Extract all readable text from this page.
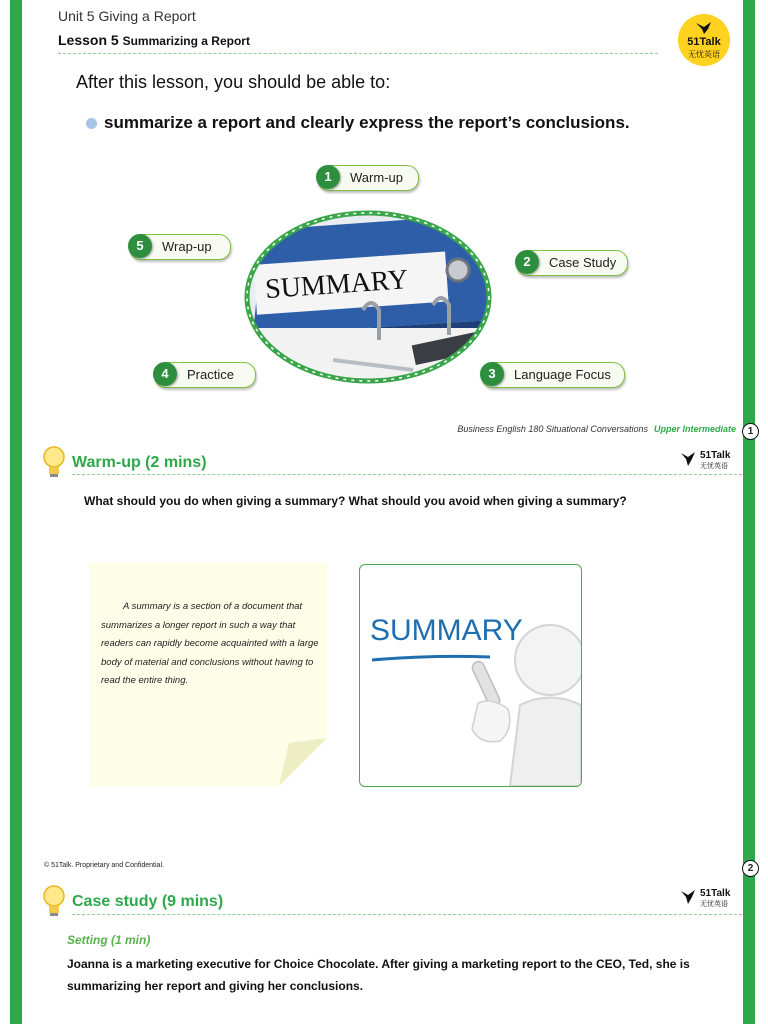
Unit 5 Giving a Report
Lesson 5 Summarizing a Report	51Talk
无忧英语
After this lesson, you should be able to:
summarize a report and clearly express the report’s conclusions.
1	Warm-up
2	Case Study
3	Language Focus
4	Practice
5	Wrap-up
SUMMARY
Business English 180 Situational Conversations Upper Intermediate	1
Warm-up (2 mins)	51Talk
无忧英语
What should you do when giving a summary? What should you avoid when giving a summary?
A summary is a section of a document that summarizes a longer report in such a way that readers can rapidly become acquainted with a large body of material and conclusions without having to read the entire thing.
SUMMARY
© 51Talk. Proprietary and Confidential.	2
Case study (9 mins)	51Talk
无忧英语
Setting (1 min)
Joanna is a marketing executive for Choice Chocolate. After giving a marketing report to the CEO, Ted, she is summarizing her report and giving her conclusions.
